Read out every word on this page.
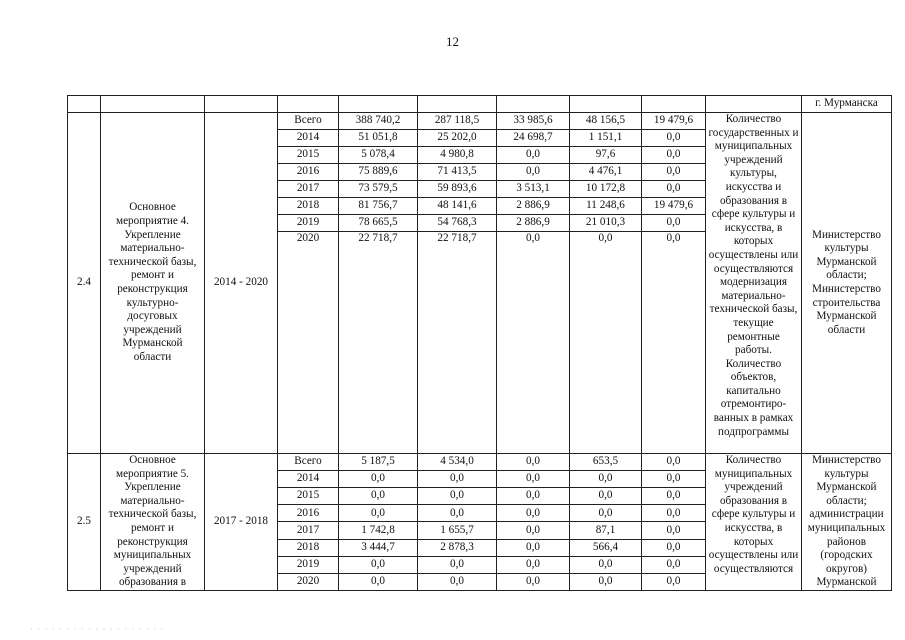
12
										г. Мурманска
2.4	Основное мероприятие 4. Укрепление материально-технической базы, ремонт и реконструкция культурно-досуговых учреждений Мурманской области	2014 - 2020	Всего	388 740,2	287 118,5	33 985,6	48 156,5	19 479,6	Количество государственных и муниципальных учреждений культуры, искусства и образования в сфере культуры и искусства, в которых осуществлены или осуществляются модернизация материально-технической базы, текущие ремонтные работы. Количество объектов, капитально отремонтиро-ванных в рамках подпрограммы	Министерство культуры Мурманской области; Министерство строительства Мурманской области
			2014	51 051,8	25 202,0	24 698,7	1 151,1	0,0		
			2015	5 078,4	4 980,8	0,0	97,6	0,0		
			2016	75 889,6	71 413,5	0,0	4 476,1	0,0		
			2017	73 579,5	59 893,6	3 513,1	10 172,8	0,0		
			2018	81 756,7	48 141,6	2 886,9	11 248,6	19 479,6		
			2019	78 665,5	54 768,3	2 886,9	21 010,3	0,0		
			2020	22 718,7	22 718,7	0,0	0,0	0,0		
2.5	Основное мероприятие 5. Укрепление материально-технической базы, ремонт и реконструкция муниципальных учреждений образования в	2017 - 2018	Всего	5 187,5	4 534,0	0,0	653,5	0,0	Количество муниципальных учреждений образования в сфере культуры и искусства, в которых осуществлены или осуществляются	Министерство культуры Мурманской области; администрации муниципальных районов (городских округов) Мурманской
			2014	0,0	0,0	0,0	0,0	0,0		
			2015	0,0	0,0	0,0	0,0	0,0		
			2016	0,0	0,0	0,0	0,0	0,0		
			2017	1 742,8	1 655,7	0,0	87,1	0,0		
			2018	3 444,7	2 878,3	0,0	566,4	0,0		
			2019	0,0	0,0	0,0	0,0	0,0		
			2020	0,0	0,0	0,0	0,0	0,0		
· · · · · · · · · · · · · · · · · · ·
